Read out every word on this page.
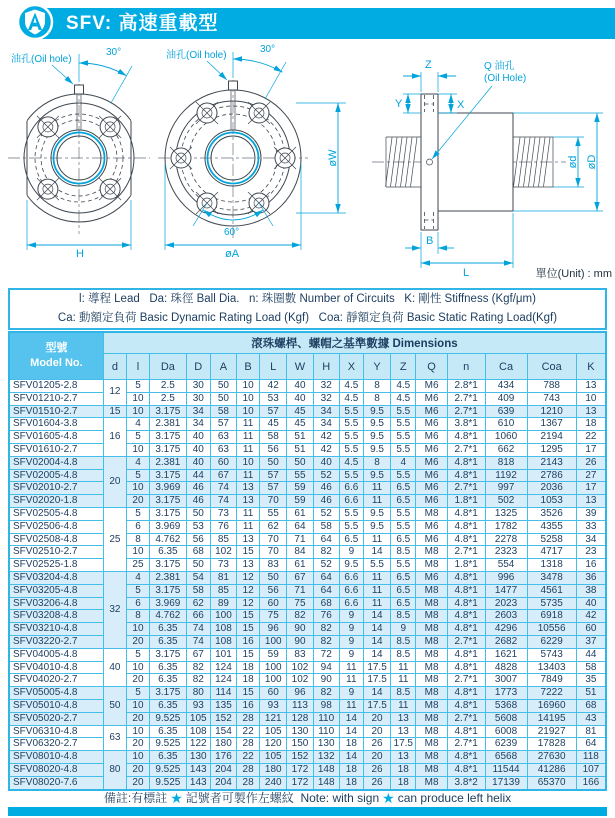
SFV: 高速重載型
30°
油孔(Oil hole)
H
30°
油孔(Oil hole)
60°
øA
Q 油孔
(Oil Hole)
Z
Y	X
øW	ød øD
B
L	單位(Unit) : mm
l: 導程 Lead   Da: 珠徑 Ball Dia.   n: 珠圈數 Number of Circuits   K: 剛性 Stiffness (Kgf/μm)
Ca: 動額定負荷 Basic Dynamic Rating Load (Kgf)   Coa: 靜額定負荷 Basic Static Rating Load(Kgf)
型號
Model No.	滾珠螺桿、螺帽之基準數據 Dimensions																
	d	l	Da	D	A	B	L	W	H	X	Y	Z	Q	n	Ca	Coa	K
SFV01205-2.8	12	5	2.5	30	50	10	42	40	32	4.5	8	4.5	M6	2.8*1	434	788	13
SFV01210-2.7		10	2.5	30	50	10	53	40	32	4.5	8	4.5	M6	2.7*1	409	743	10
SFV01510-2.7	15	10	3.175	34	58	10	57	45	34	5.5	9.5	5.5	M6	2.7*1	639	1210	13
SFV01604-3.8	16	4	2.381	34	57	11	45	45	34	5.5	9.5	5.5	M6	3.8*1	610	1367	18
SFV01605-4.8		5	3.175	40	63	11	58	51	42	5.5	9.5	5.5	M6	4.8*1	1060	2194	22
SFV01610-2.7		10	3.175	40	63	11	56	51	42	5.5	9.5	5.5	M6	2.7*1	662	1295	17
SFV02004-4.8	20	4	2.381	40	60	10	50	50	40	4.5	8	4	M6	4.8*1	818	2143	26
SFV02005-4.8		5	3.175	44	67	11	57	55	52	5.5	9.5	5.5	M6	4.8*1	1192	2786	27
SFV02010-2.7		10	3.969	46	74	13	57	59	46	6.6	11	6.5	M6	2.7*1	997	2036	17
SFV02020-1.8		20	3.175	46	74	13	70	59	46	6.6	11	6.5	M6	1.8*1	502	1053	13
SFV02505-4.8	25	5	3.175	50	73	11	55	61	52	5.5	9.5	5.5	M8	4.8*1	1325	3526	39
SFV02506-4.8		6	3.969	53	76	11	62	64	58	5.5	9.5	5.5	M6	4.8*1	1782	4355	33
SFV02508-4.8		8	4.762	56	85	13	70	71	64	6.5	11	6.5	M6	4.8*1	2278	5258	34
SFV02510-2.7		10	6.35	68	102	15	70	84	82	9	14	8.5	M8	2.7*1	2323	4717	23
SFV02525-1.8		25	3.175	50	73	13	83	61	52	9.5	5.5	5.5	M8	1.8*1	554	1318	16
SFV03204-4.8	32	4	2.381	54	81	12	50	67	64	6.6	11	6.5	M6	4.8*1	996	3478	36
SFV03205-4.8		5	3.175	58	85	12	56	71	64	6.6	11	6.5	M8	4.8*1	1477	4561	38
SFV03206-4.8		6	3.969	62	89	12	60	75	68	6.6	11	6.5	M8	4.8*1	2023	5735	40
SFV03208-4.8		8	4.762	66	100	15	75	82	76	9	14	8.5	M8	4.8*1	2603	6918	42
SFV03210-4.8		10	6.35	74	108	15	96	90	82	9	14	9	M8	4.8*1	4296	10556	60
SFV03220-2.7		20	6.35	74	108	16	100	90	82	9	14	8.5	M8	2.7*1	2682	6229	37
SFV04005-4.8	40	5	3.175	67	101	15	59	83	72	9	14	8.5	M8	4.8*1	1621	5743	44
SFV04010-4.8		10	6.35	82	124	18	100	102	94	11	17.5	11	M8	4.8*1	4828	13403	58
SFV04020-2.7		20	6.35	82	124	18	100	102	90	11	17.5	11	M8	2.7*1	3007	7849	35
SFV05005-4.8	50	5	3.175	80	114	15	60	96	82	9	14	8.5	M8	4.8*1	1773	7222	51
SFV05010-4.8		10	6.35	93	135	16	93	113	98	11	17.5	11	M8	4.8*1	5368	16960	68
SFV05020-2.7		20	9.525	105	152	28	121	128	110	14	20	13	M8	2.7*1	5608	14195	43
SFV06310-4.8	63	10	6.35	108	154	22	105	130	110	14	20	13	M8	4.8*1	6008	21927	81
SFV06320-2.7		20	9.525	122	180	28	120	150	130	18	26	17.5	M8	2.7*1	6239	17828	64
SFV08010-4.8	80	10	6.35	130	176	22	105	152	132	14	20	13	M8	4.8*1	6568	27630	118
SFV08020-4.8		20	9.525	143	204	28	180	172	148	18	26	18	M8	4.8*1	11544	41286	107
SFV08020-7.6		20	9.525	143	204	28	240	172	148	18	26	18	M8	3.8*2	17139	65370	166
備註:有標註 ★ 記號者可製作左螺紋 Note: with sign ★ can produce left helix
